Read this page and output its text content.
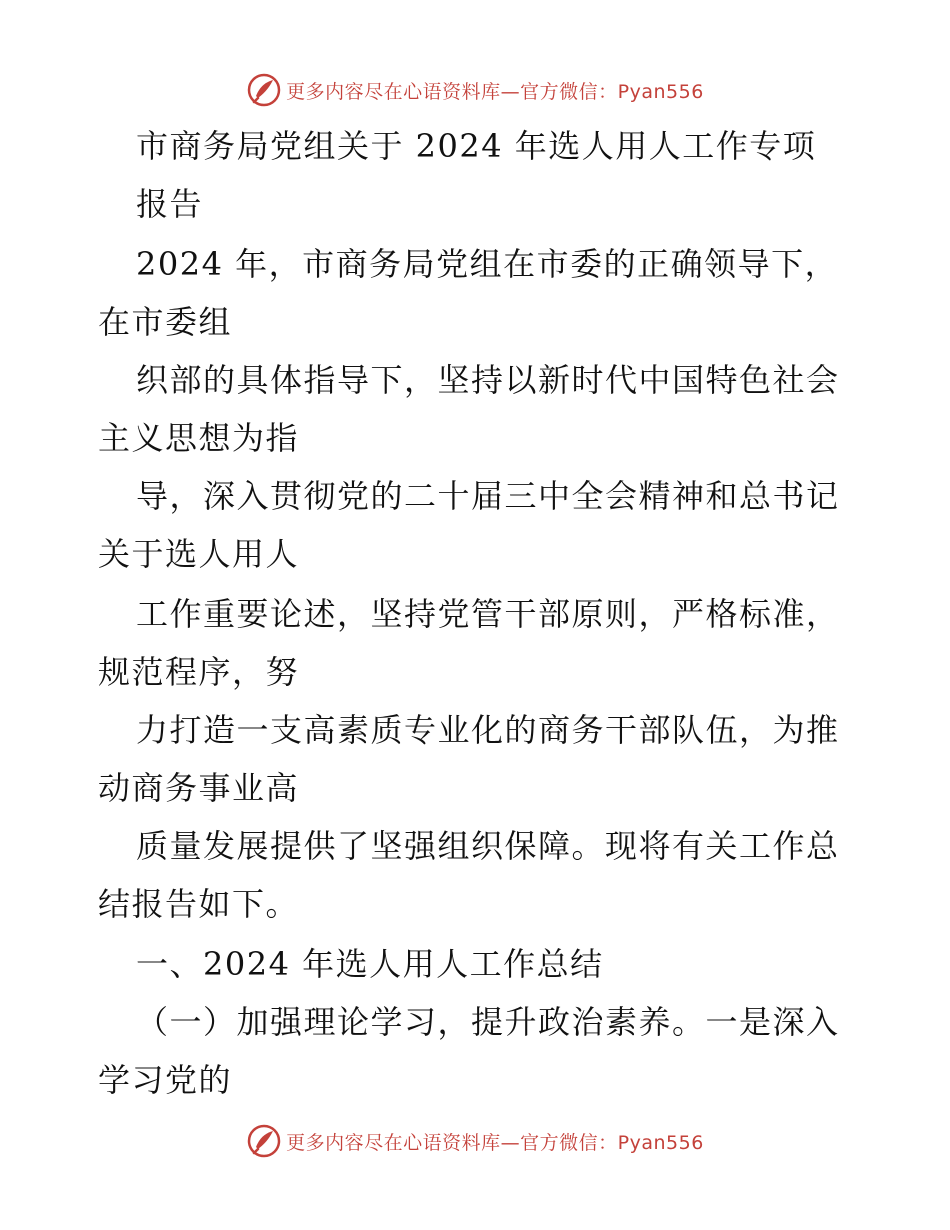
更多内容尽在心语资料库—官方微信：Pyan556
市商务局党组关于 2024 年选人用人工作专项
报告
2024 年，市商务局党组在市委的正确领导下，
在市委组
织部的具体指导下，坚持以新时代中国特色社会
主义思想为指
导，深入贯彻党的二十届三中全会精神和总书记
关于选人用人
工作重要论述，坚持党管干部原则，严格标准，
规范程序，努
力打造一支高素质专业化的商务干部队伍，为推
动商务事业高
质量发展提供了坚强组织保障。现将有关工作总
结报告如下。
一、2024 年选人用人工作总结
（一）加强理论学习，提升政治素养。一是深入
学习党的
更多内容尽在心语资料库—官方微信：Pyan556
